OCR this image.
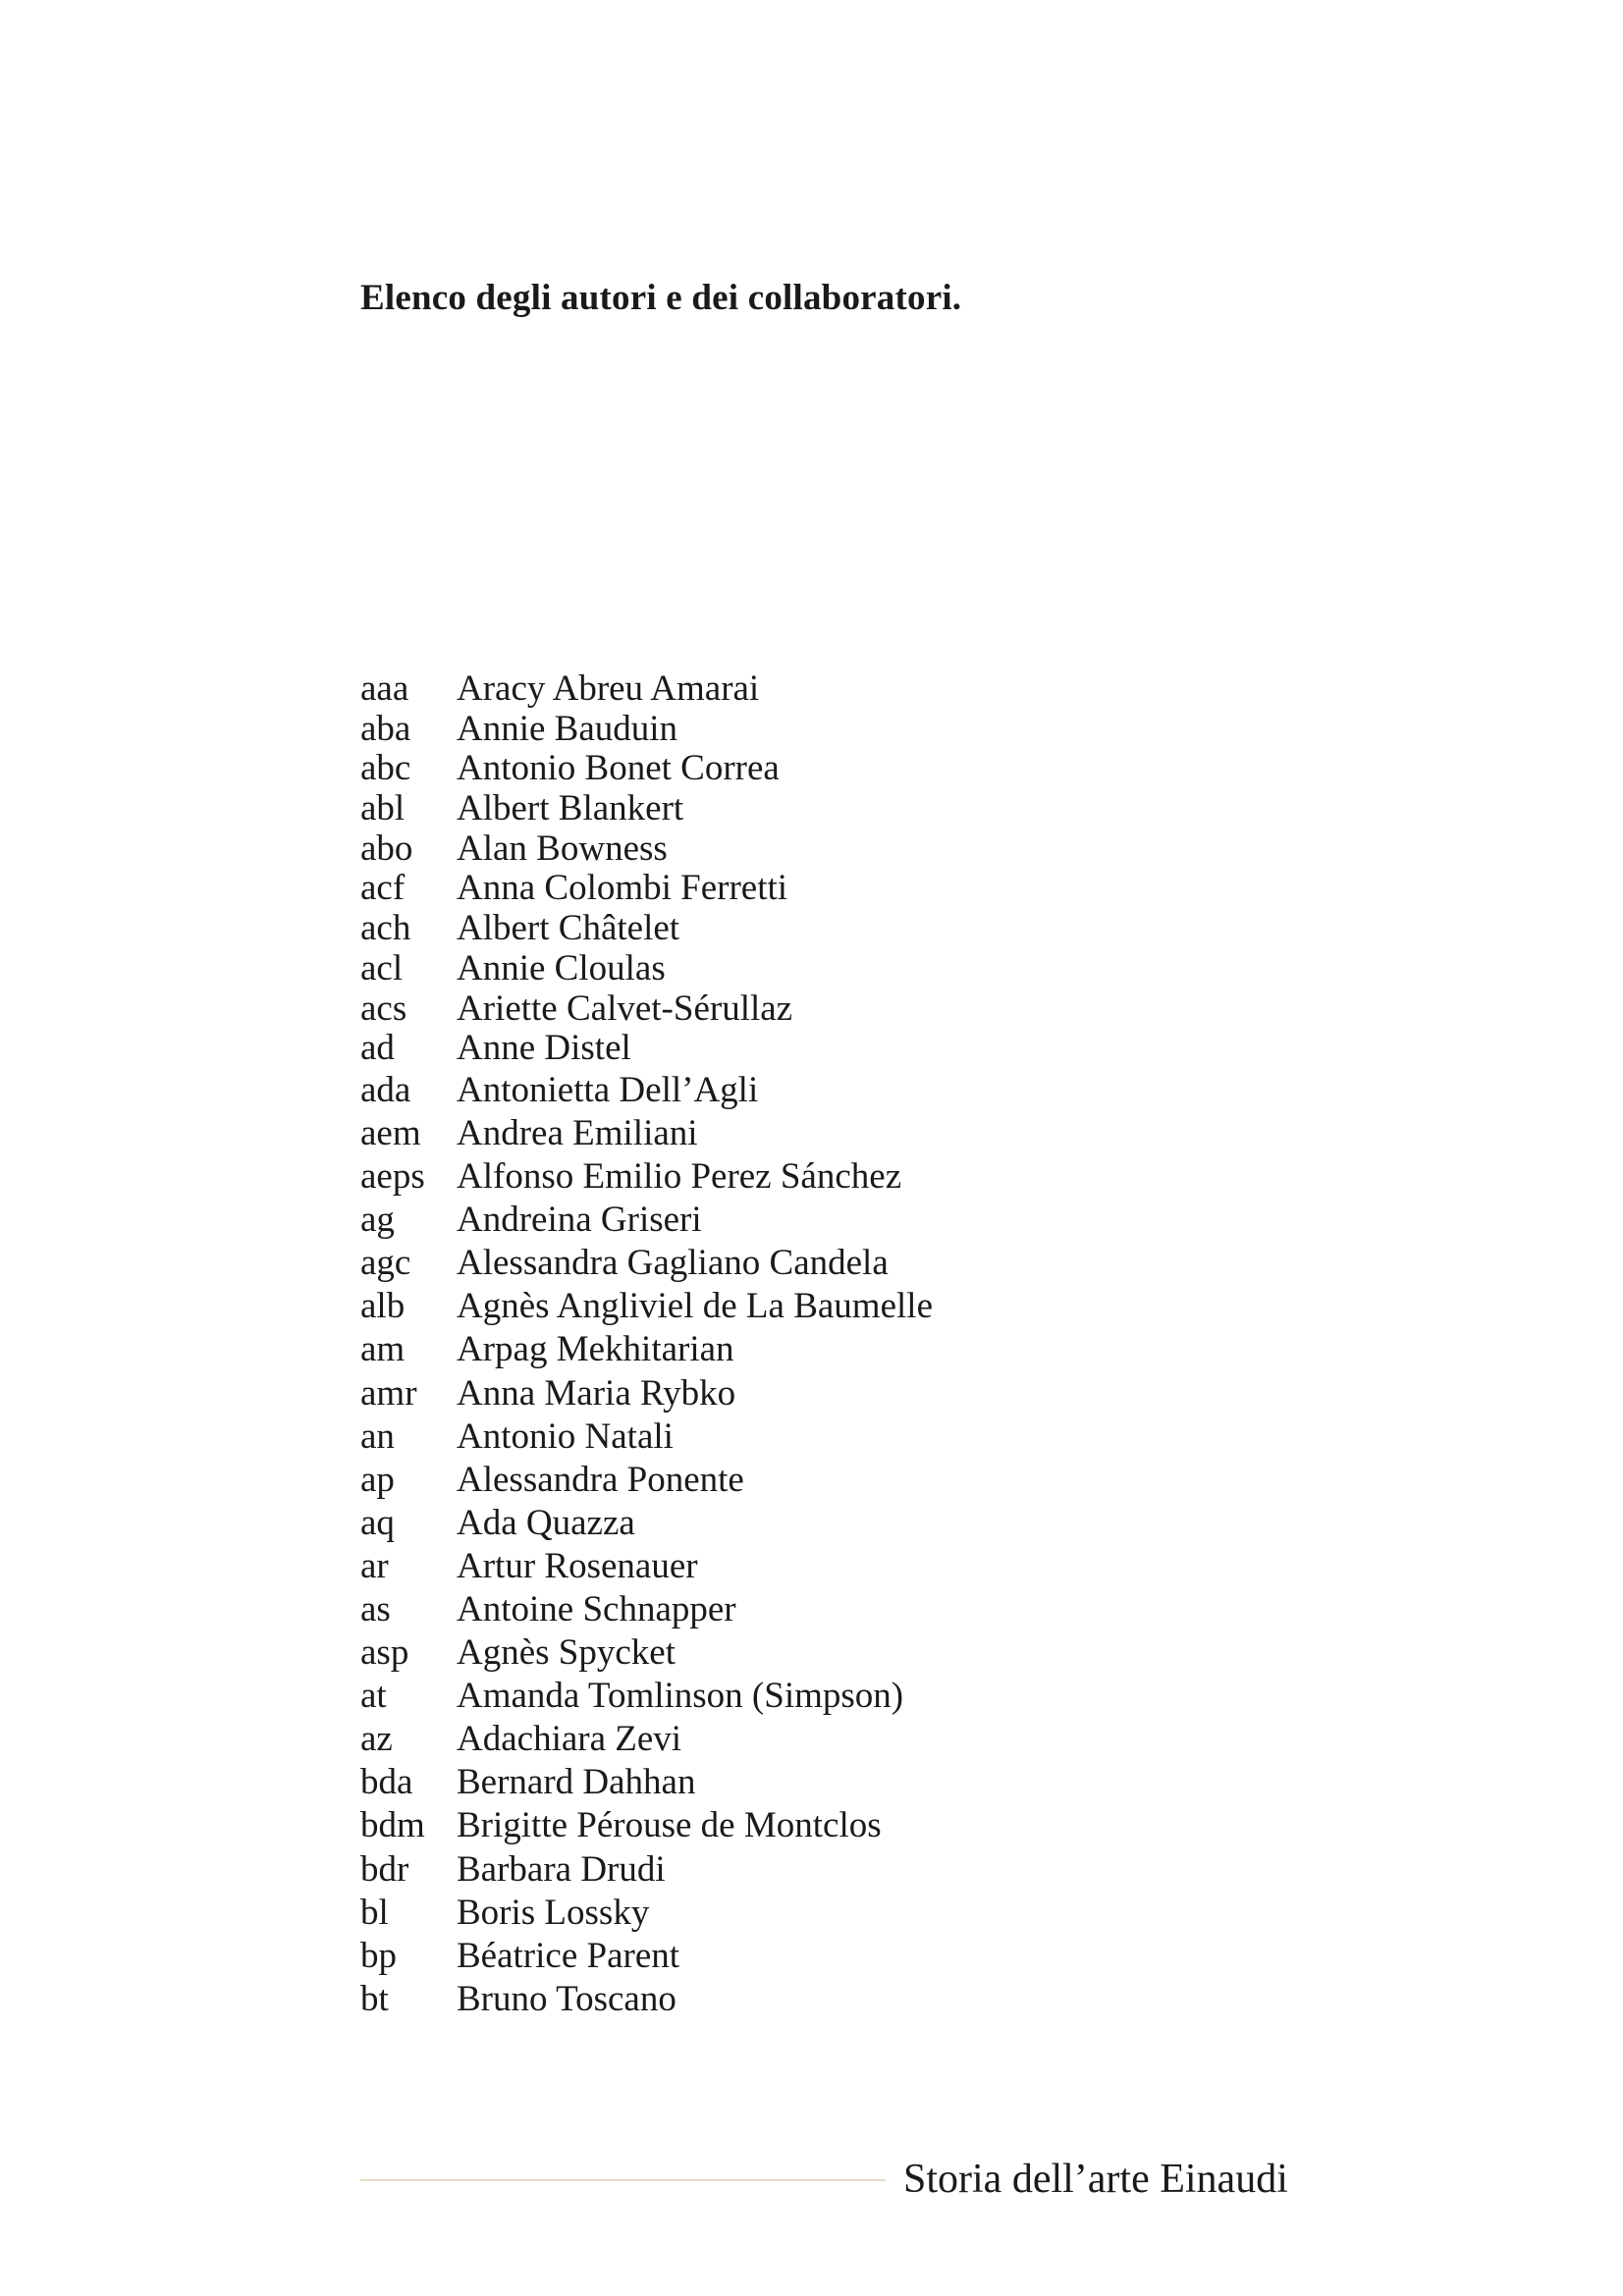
Elenco degli autori e dei collaboratori.
aaa	Aracy Abreu Amarai
aba	Annie Bauduin
abc	Antonio Bonet Correa
abl	Albert Blankert
abo	Alan Bowness
acf	Anna Colombi Ferretti
ach	Albert Châtelet
acl	Annie Cloulas
acs	Ariette Calvet-Sérullaz
ad	Anne Distel
ada	Antonietta Dell’Agli
aem Andrea Emiliani
aeps Alfonso Emilio Perez Sánchez
ag	Andreina Griseri
agc	Alessandra Gagliano Candela
alb	Agnès Angliviel de La Baumelle
am	Arpag Mekhitarian
amr	Anna Maria Rybko
an	Antonio Natali
ap	Alessandra Ponente
aq	Ada Quazza
ar	Artur Rosenauer
as	Antoine Schnapper
asp	Agnès Spycket
at	Amanda Tomlinson (Simpson)
az	Adachiara Zevi
bda	Bernard Dahhan
bdm Brigitte Pérouse de Montclos
bdr	Barbara Drudi
bl	Boris Lossky
bp	Béatrice Parent
bt	Bruno Toscano
Storia dell’arte Einaudi
